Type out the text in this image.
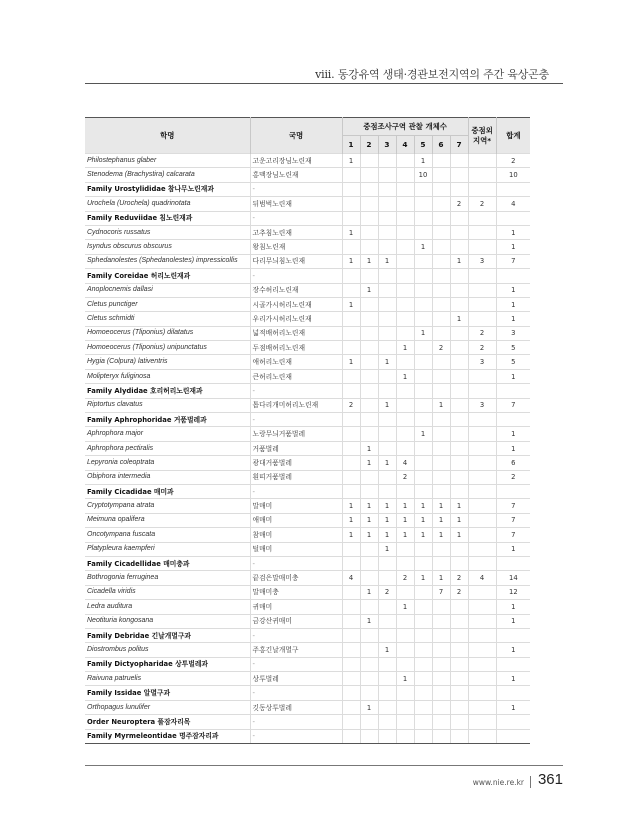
viii. 동강유역 생태·경관보전지역의 주간 육상곤충
학명	국명	중점조사구역 관찰 개체수							중점외 지역*	합계
		1	2	3	4	5	6	7		
Philostephanus glaber	고운고리장님노린재	1				1				2
Stenodema (Brachystira) calcarata	홍맥장님노린재					10				10
Family Urostylididae 참나무노린재과	-									
Urochela (Urochela) quadrinotata	뒤범벅노린재							2	2	4
Family Reduviidae 침노린재과	-									
Cydnocoris russatus	고추침노린재	1								1
Isyndus obscurus obscurus	왕침노린재					1				1
Sphedanolestes (Sphedanolestes) impressicollis	다리무늬침노린재	1	1	1				1	3	7
Family Coreidae 허리노린재과	-									
Anoplocnemis dallasi	장수허리노린재		1							1
Cletus punctiger	시골가시허리노린재	1								1
Cletus schmidti	우리가시허리노린재							1		1
Homoeocerus (Tliponius) dilatatus	넓적배허리노린재					1			2	3
Homoeocerus (Tliponius) unipunctatus	두점배허리노린재				1		2		2	5
Hygia (Colpura) lativentris	애허리노린재	1		1					3	5
Molipteryx fuliginosa	큰허리노린재				1					1
Family Alydidae 호리허리노린재과	-									
Riptortus clavatus	톱다리개미허리노린재	2		1			1		3	7
Family Aphrophoridae 거품벌레과	-									
Aphrophora major	노랑무늬거품벌레					1				1
Aphrophora pectiralis	거품벌레		1							1
Lepyronia coleoptrata	광대거품벌레		1	1	4					6
Obiphora intermedia	흰띠거품벌레				2					2
Family Cicadidae 매미과	-									
Cryptotympana atrata	말매미	1	1	1	1	1	1	1		7
Meimuna opalifera	애매미	1	1	1	1	1	1	1		7
Oncotympana fuscata	참매미	1	1	1	1	1	1	1		7
Platypleura kaempferi	털매미			1						1
Family Cicadellidae 매미충과	-									
Bothrogonia ferruginea	끝검은말매미충	4			2	1	1	2	4	14
Cicadella viridis	말매미충		1	2			7	2		12
Ledra auditura	귀매미				1					1
Neotituria kongosana	금강산귀매미		1							1
Family Debridae 긴날개멸구과	-									
Diostrombus politus	주홍긴날개멸구			1						1
Family Dictyopharidae 상투벌레과	-									
Raivuna patruelis	상투벌레				1					1
Family Issidae 알멸구과	-									
Orthopagus lunulifer	깃동상투벌레		1							1
Order Neuroptera 풀잠자리목	-									
Family Myrmeleontidae 명주잠자리과	-									
www.nie.re.kr 361
